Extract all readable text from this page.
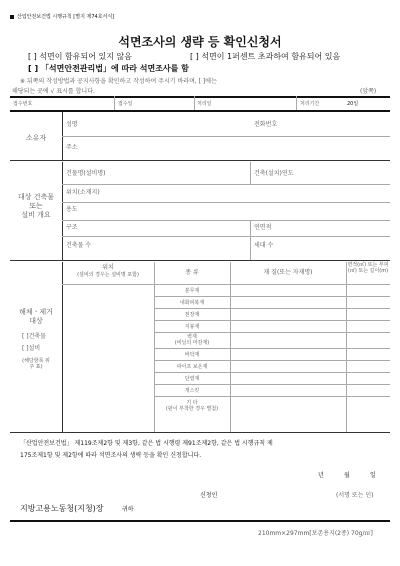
산업안전보건법 시행규칙 [별지 제74호서식]
석면조사의 생략 등 확인신청서
[ ] 석면이 함유되어 있지 않음	[ ] 석면이 1퍼센트 초과하여 함유되어 있음
[ ] 「석면안전관리법」에 따라 석면조사를 함
※ 뒤쪽의 작성방법과 공지사항을 확인하고 작성하여 주시기 바라며, [ ]에는
해당되는 곳에 √ 표시를 합니다.	(앞쪽)
접수번호	접수일	처리일	처리기간	20일
소유자
성명	전화번호
주소
대상 건축물
또는
설비 개요
건물명(설비명)	건축(설치)연도
위치(소재지)
용도
구조	연면적
건축물 수	세대 수
해체ㆍ제거
대상
[ ]건축물
[ ]설비
(해당항목 위
주 표)
위치
(설비의 경우는 설비명 포함)	종 류	재 질(또는 자재명)
면적(㎡) 또는 부피(㎥) 또는 길이(m)
분무재
내화피복재
천장재
지붕재
벽재
(비닐의 마감재)
바닥재
파이프 보온재
단열재
개스킷
기 타
(판이 부착한 경우 별첨)
「산업안전보건법」 제119조제2항 및 제3항, 같은 법 시행령 제91조제2항, 같은 법 시행규칙 제
175조제1항 및 제2항에 따라 석면조사의 생략 등을 확인 신청합니다.
년	월	일
신청인	(서명 또는 인)
지방고용노동청(지청)장	귀하
210mm×297mm[보존용지(2종) 70g/㎡]
